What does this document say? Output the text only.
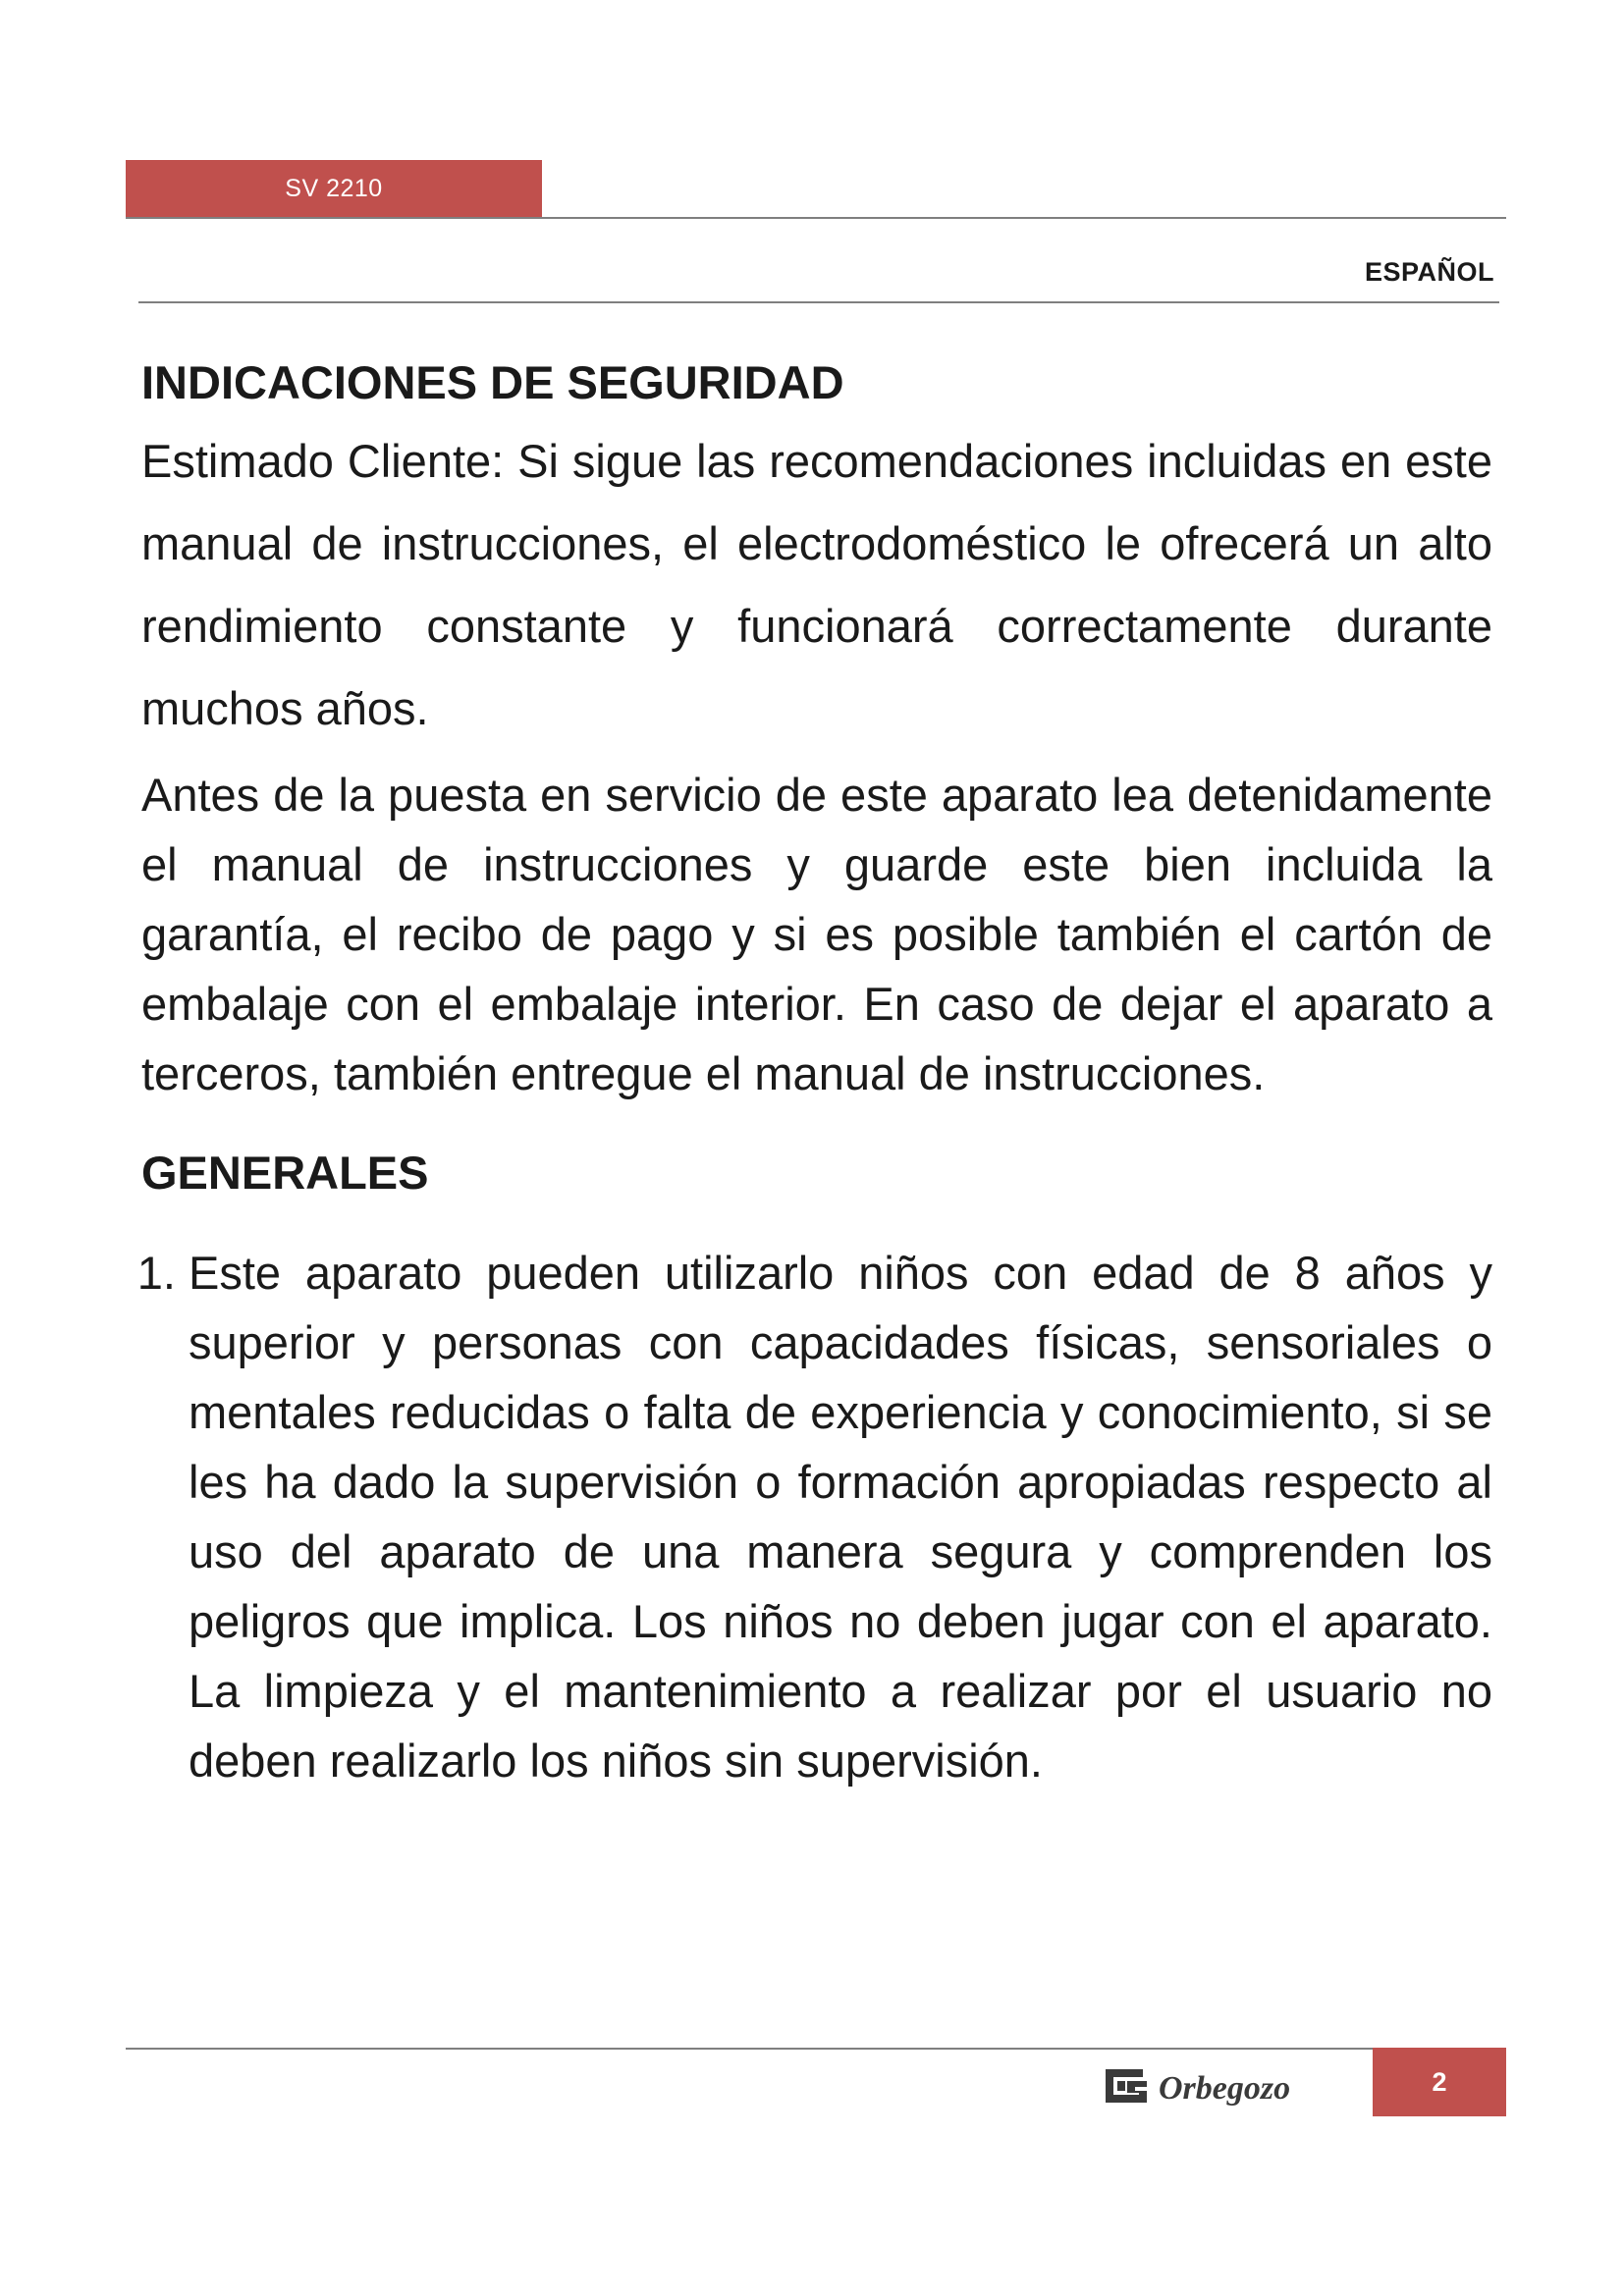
SV 2210
ESPAÑOL
INDICACIONES DE SEGURIDAD

Estimado Cliente: Si sigue las recomendaciones incluidas en este manual de instrucciones, el electrodoméstico le ofrecerá un alto rendimiento constante y funcionará correctamente durante muchos años.

Antes de la puesta en servicio de este aparato lea detenidamente el manual de instrucciones y guarde este bien incluida la garantía, el recibo de pago y si es posible también el cartón de embalaje con el embalaje interior. En caso de dejar el aparato a terceros, también entregue el manual de instrucciones.

GENERALES
1. Este aparato pueden utilizarlo niños con edad de 8 años y superior y personas con capacidades físicas, sensoriales o mentales reducidas o falta de experiencia y conocimiento, si se les ha dado la supervisión o formación apropiadas respecto al uso del aparato de una manera segura y comprenden los peligros que implica. Los niños no deben jugar con el aparato. La limpieza y el mantenimiento a realizar por el usuario no deben realizarlo los niños sin supervisión.
Orbegozo	2
